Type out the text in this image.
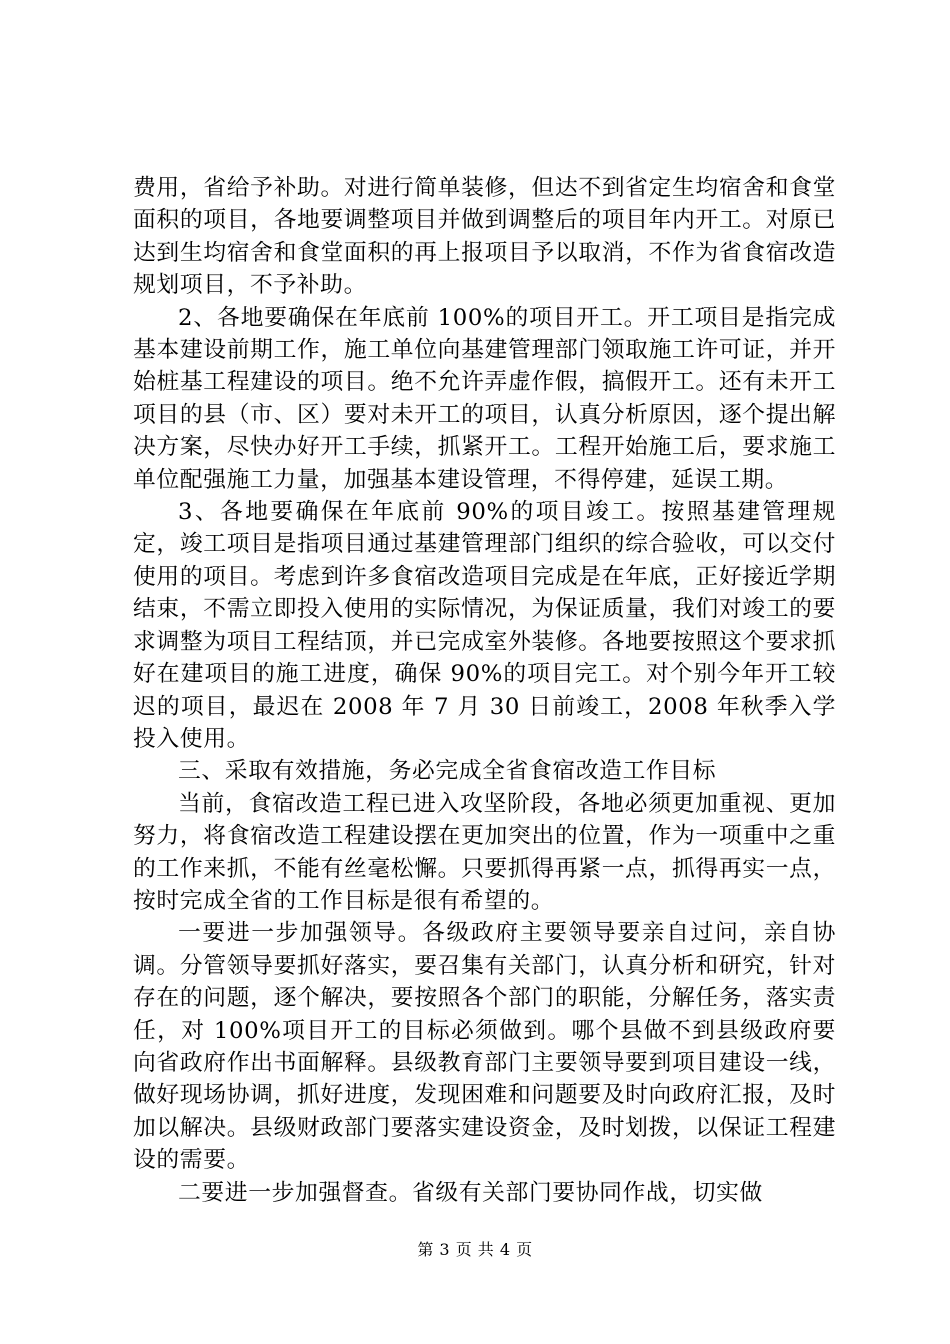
费用，省给予补助。对进行简单装修，但达不到省定生均宿舍和食堂面积的项目，各地要调整项目并做到调整后的项目年内开工。对原已达到生均宿舍和食堂面积的再上报项目予以取消，不作为省食宿改造规划项目，不予补助。

2、各地要确保在年底前 100%的项目开工。开工项目是指完成基本建设前期工作，施工单位向基建管理部门领取施工许可证，并开始桩基工程建设的项目。绝不允许弄虚作假，搞假开工。还有未开工项目的县（市、区）要对未开工的项目，认真分析原因，逐个提出解决方案，尽快办好开工手续，抓紧开工。工程开始施工后，要求施工单位配强施工力量，加强基本建设管理，不得停建，延误工期。

3、各地要确保在年底前 90%的项目竣工。按照基建管理规定，竣工项目是指项目通过基建管理部门组织的综合验收，可以交付使用的项目。考虑到许多食宿改造项目完成是在年底，正好接近学期结束，不需立即投入使用的实际情况，为保证质量，我们对竣工的要求调整为项目工程结顶，并已完成室外装修。各地要按照这个要求抓好在建项目的施工进度，确保 90%的项目完工。对个别今年开工较迟的项目，最迟在 2008 年 7 月 30 日前竣工，2008 年秋季入学投入使用。

三、采取有效措施，务必完成全省食宿改造工作目标

当前，食宿改造工程已进入攻坚阶段，各地必须更加重视、更加努力，将食宿改造工程建设摆在更加突出的位置，作为一项重中之重的工作来抓，不能有丝毫松懈。只要抓得再紧一点，抓得再实一点，按时完成全省的工作目标是很有希望的。

一要进一步加强领导。各级政府主要领导要亲自过问，亲自协调。分管领导要抓好落实，要召集有关部门，认真分析和研究，针对存在的问题，逐个解决，要按照各个部门的职能，分解任务，落实责任，对 100%项目开工的目标必须做到。哪个县做不到县级政府要向省政府作出书面解释。县级教育部门主要领导要到项目建设一线，做好现场协调，抓好进度，发现困难和问题要及时向政府汇报，及时加以解决。县级财政部门要落实建设资金，及时划拨，以保证工程建设的需要。

二要进一步加强督查。省级有关部门要协同作战，切实做

第 3 页 共 4 页
